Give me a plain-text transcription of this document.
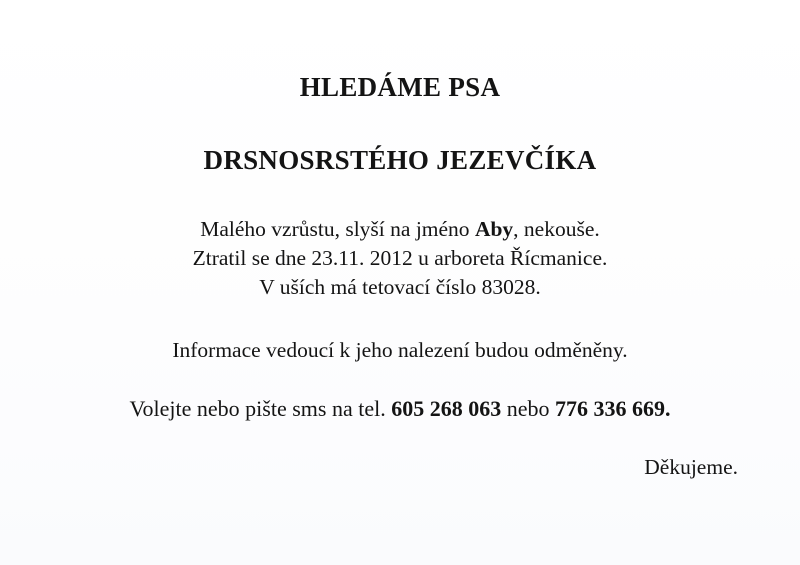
HLEDÁME PSA

DRSNOSRSTÉHO JEZEVČÍKA

Malého vzrůstu, slyší na jméno Aby, nekouše.

Ztratil se dne 23.11. 2012 u arboreta Řícmanice.

V uších má tetovací číslo 83028.

Informace vedoucí k jeho nalezení budou odměněny.

Volejte nebo pište sms na tel. 605 268 063 nebo 776 336 669.

Děkujeme.
